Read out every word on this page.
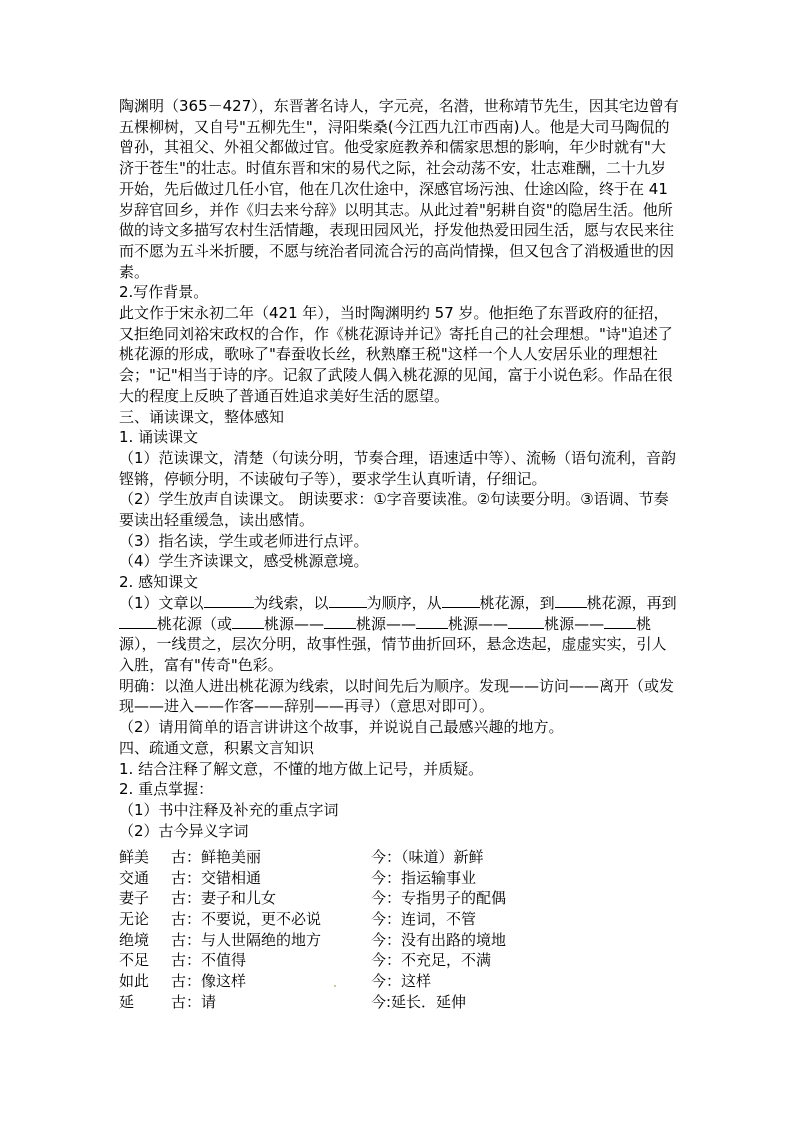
陶渊明（365－427），东晋著名诗人，字元亮，名潜，世称靖节先生，因其宅边曾有五棵柳树，又自号"五柳先生"，浔阳柴桑(今江西九江市西南)人。他是大司马陶侃的曾孙，其祖父、外祖父都做过官。他受家庭教养和儒家思想的影响，年少时就有"大济于苍生"的壮志。时值东晋和宋的易代之际，社会动荡不安，壮志难酬，二十九岁开始，先后做过几任小官，他在几次仕途中，深感官场污浊、仕途凶险，终于在 41 岁辞官回乡，并作《归去来兮辞》以明其志。从此过着"躬耕自资"的隐居生活。他所做的诗文多描写农村生活情趣，表现田园风光，抒发他热爱田园生活，愿与农民来往而不愿为五斗米折腰，不愿与统治者同流合污的高尚情操，但又包含了消极遁世的因素。

2.写作背景。

此文作于宋永初二年（421 年），当时陶渊明约 57 岁。他拒绝了东晋政府的征招，又拒绝同刘裕宋政权的合作，作《桃花源诗并记》寄托自己的社会理想。"诗"追述了桃花源的形成，歌咏了"春蚕收长丝，秋熟靡王税"这样一个人人安居乐业的理想社会；"记"相当于诗的序。记叙了武陵人偶入桃花源的见闻，富于小说色彩。作品在很大的程度上反映了普通百姓追求美好生活的愿望。

三、诵读课文，整体感知

1. 诵读课文

（1）范读课文，清楚（句读分明，节奏合理，语速适中等）、流畅（语句流利，音韵铿锵，停顿分明，不读破句子等），要求学生认真听请，仔细记。

（2）学生放声自读课文。 朗读要求：①字音要读准。②句读要分明。③语调、节奏要读出轻重缓急，读出感情。

（3）指名读，学生或老师进行点评。

（4）学生齐读课文，感受桃源意境。

2. 感知课文

（1）文章以	为线索，以	为顺序，从	桃花源，到 桃花源，再到桃花源（或 桃源—— 桃源—— 桃源—— 桃源—— 桃源），一线贯之，层次分明，故事性强，情节曲折回环，悬念迭起，虚虚实实，引人入胜，富有"传奇"色彩。

明确：以渔人进出桃花源为线索，以时间先后为顺序。发现——访问——离开（或发现——进入——作客——辞别——再寻）（意思对即可）。

（2）请用简单的语言讲讲这个故事，并说说自己最感兴趣的地方。

四、疏通文意，积累文言知识

1. 结合注释了解文意，不懂的地方做上记号，并质疑。

2. 重点掌握：

（1）书中注释及补充的重点字词

（2）古今异义字词

鲜美	古：鲜艳美丽	今：（味道）新鲜
交通	古：交错相通	今：指运输事业
妻子	古：妻子和儿女	今：专指男子的配偶
无论	古：不要说，更不必说	今：连词，不管
绝境	古：与人世隔绝的地方	今：没有出路的境地
不足	古：不值得	今：不充足，不满
如此	古：像这样	今：这样
延	古：请	今:延长．延伸
